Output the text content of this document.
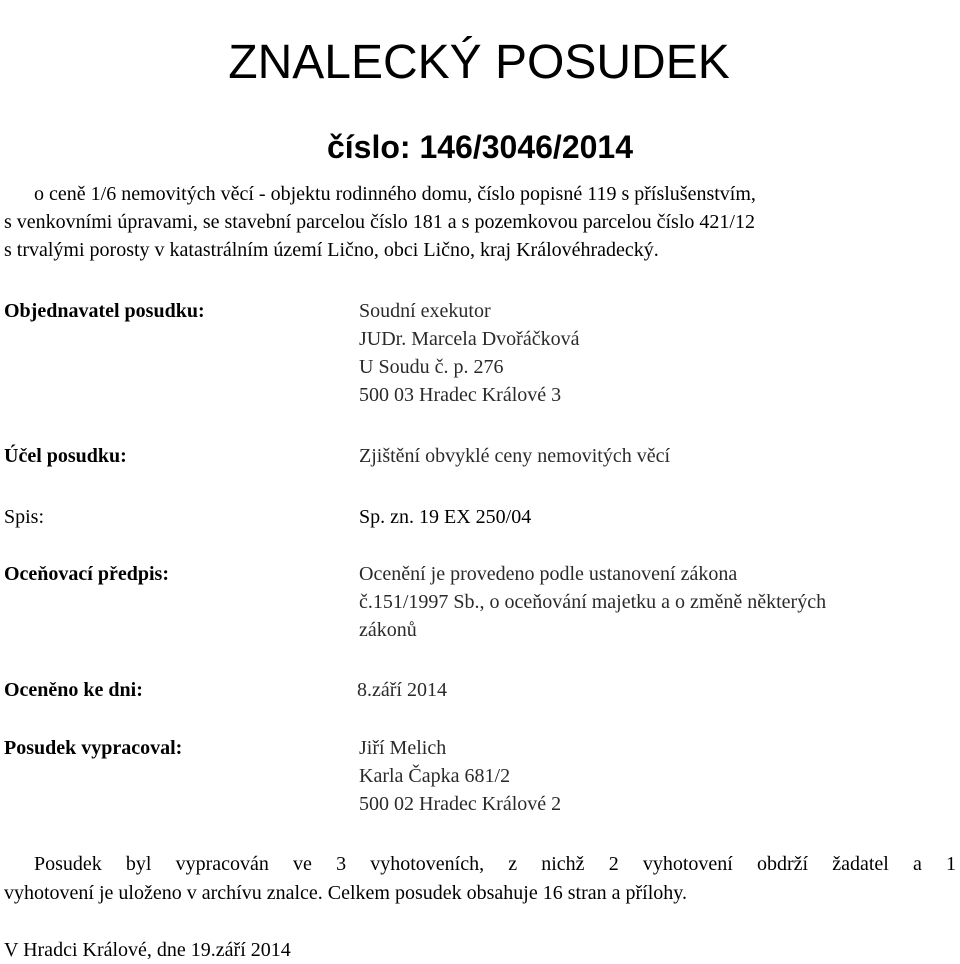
ZNALECKÝ POSUDEK
číslo: 146/3046/2014

o ceně 1/6 nemovitých věcí - objektu rodinného domu, číslo popisné 119 s příslušenstvím,
s venkovními úpravami, se stavební parcelou číslo 181 a s pozemkovou parcelou číslo 421/12
s trvalými porosty v katastrálním území Lično, obci Lično, kraj Královéhradecký.

Objednavatel posudku:	Soudní exekutor
JUDr. Marcela Dvořáčková
U Soudu č. p. 276
500 03 Hradec Králové 3

Účel posudku:	Zjištění obvyklé ceny nemovitých věcí

Spis:	Sp. zn. 19 EX 250/04

Oceňovací předpis:	Ocenění je provedeno podle ustanovení zákona
č.151/1997 Sb., o oceňování majetku a o změně některých
zákonů

Oceněno ke dni:	8.září 2014

Posudek vypracoval:	Jiří Melich
Karla Čapka 681/2
500 02 Hradec Králové 2

Posudek byl vypracován ve 3 vyhotoveních, z nichž 2 vyhotovení obdrží žadatel a 1
vyhotovení je uloženo v archívu znalce. Celkem posudek obsahuje 16 stran a přílohy.

V Hradci Králové, dne 19.září 2014
